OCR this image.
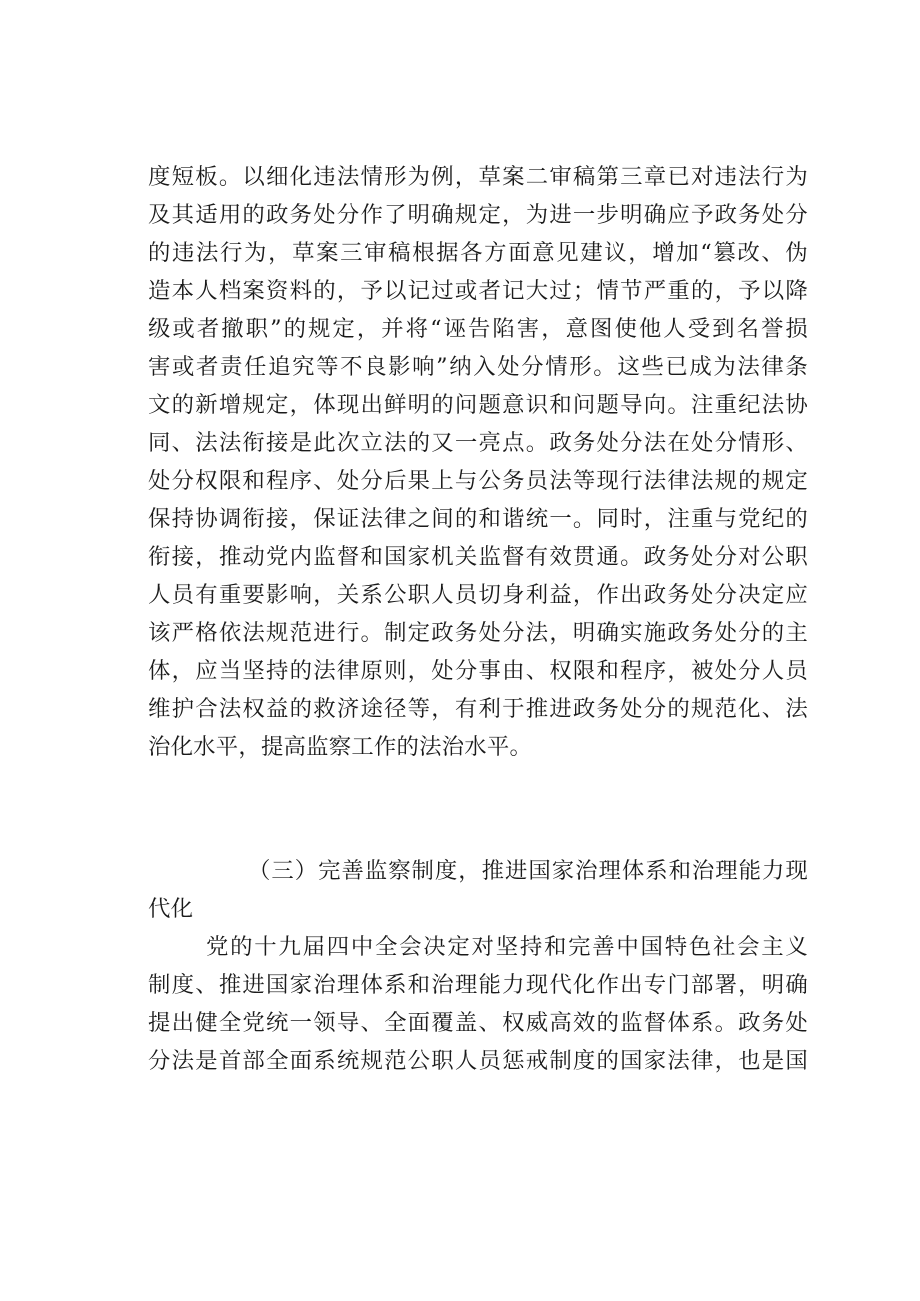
度短板。以细化违法情形为例，草案二审稿第三章已对违法行为
及其适用的政务处分作了明确规定，为进一步明确应予政务处分
的违法行为，草案三审稿根据各方面意见建议，增加“篡改、伪
造本人档案资料的，予以记过或者记大过；情节严重的，予以降
级或者撤职”的规定，并将“诬告陷害，意图使他人受到名誉损
害或者责任追究等不良影响”纳入处分情形。这些已成为法律条
文的新增规定，体现出鲜明的问题意识和问题导向。注重纪法协
同、法法衔接是此次立法的又一亮点。政务处分法在处分情形、
处分权限和程序、处分后果上与公务员法等现行法律法规的规定
保持协调衔接，保证法律之间的和谐统一。同时，注重与党纪的
衔接，推动党内监督和国家机关监督有效贯通。政务处分对公职
人员有重要影响，关系公职人员切身利益，作出政务处分决定应
该严格依法规范进行。制定政务处分法，明确实施政务处分的主
体，应当坚持的法律原则，处分事由、权限和程序，被处分人员
维护合法权益的救济途径等，有利于推进政务处分的规范化、法
治化水平，提高监察工作的法治水平。
（三）完善监察制度，推进国家治理体系和治理能力现
代化
党的十九届四中全会决定对坚持和完善中国特色社会主义
制度、推进国家治理体系和治理能力现代化作出专门部署，明确
提出健全党统一领导、全面覆盖、权威高效的监督体系。政务处
分法是首部全面系统规范公职人员惩戒制度的国家法律，也是国
